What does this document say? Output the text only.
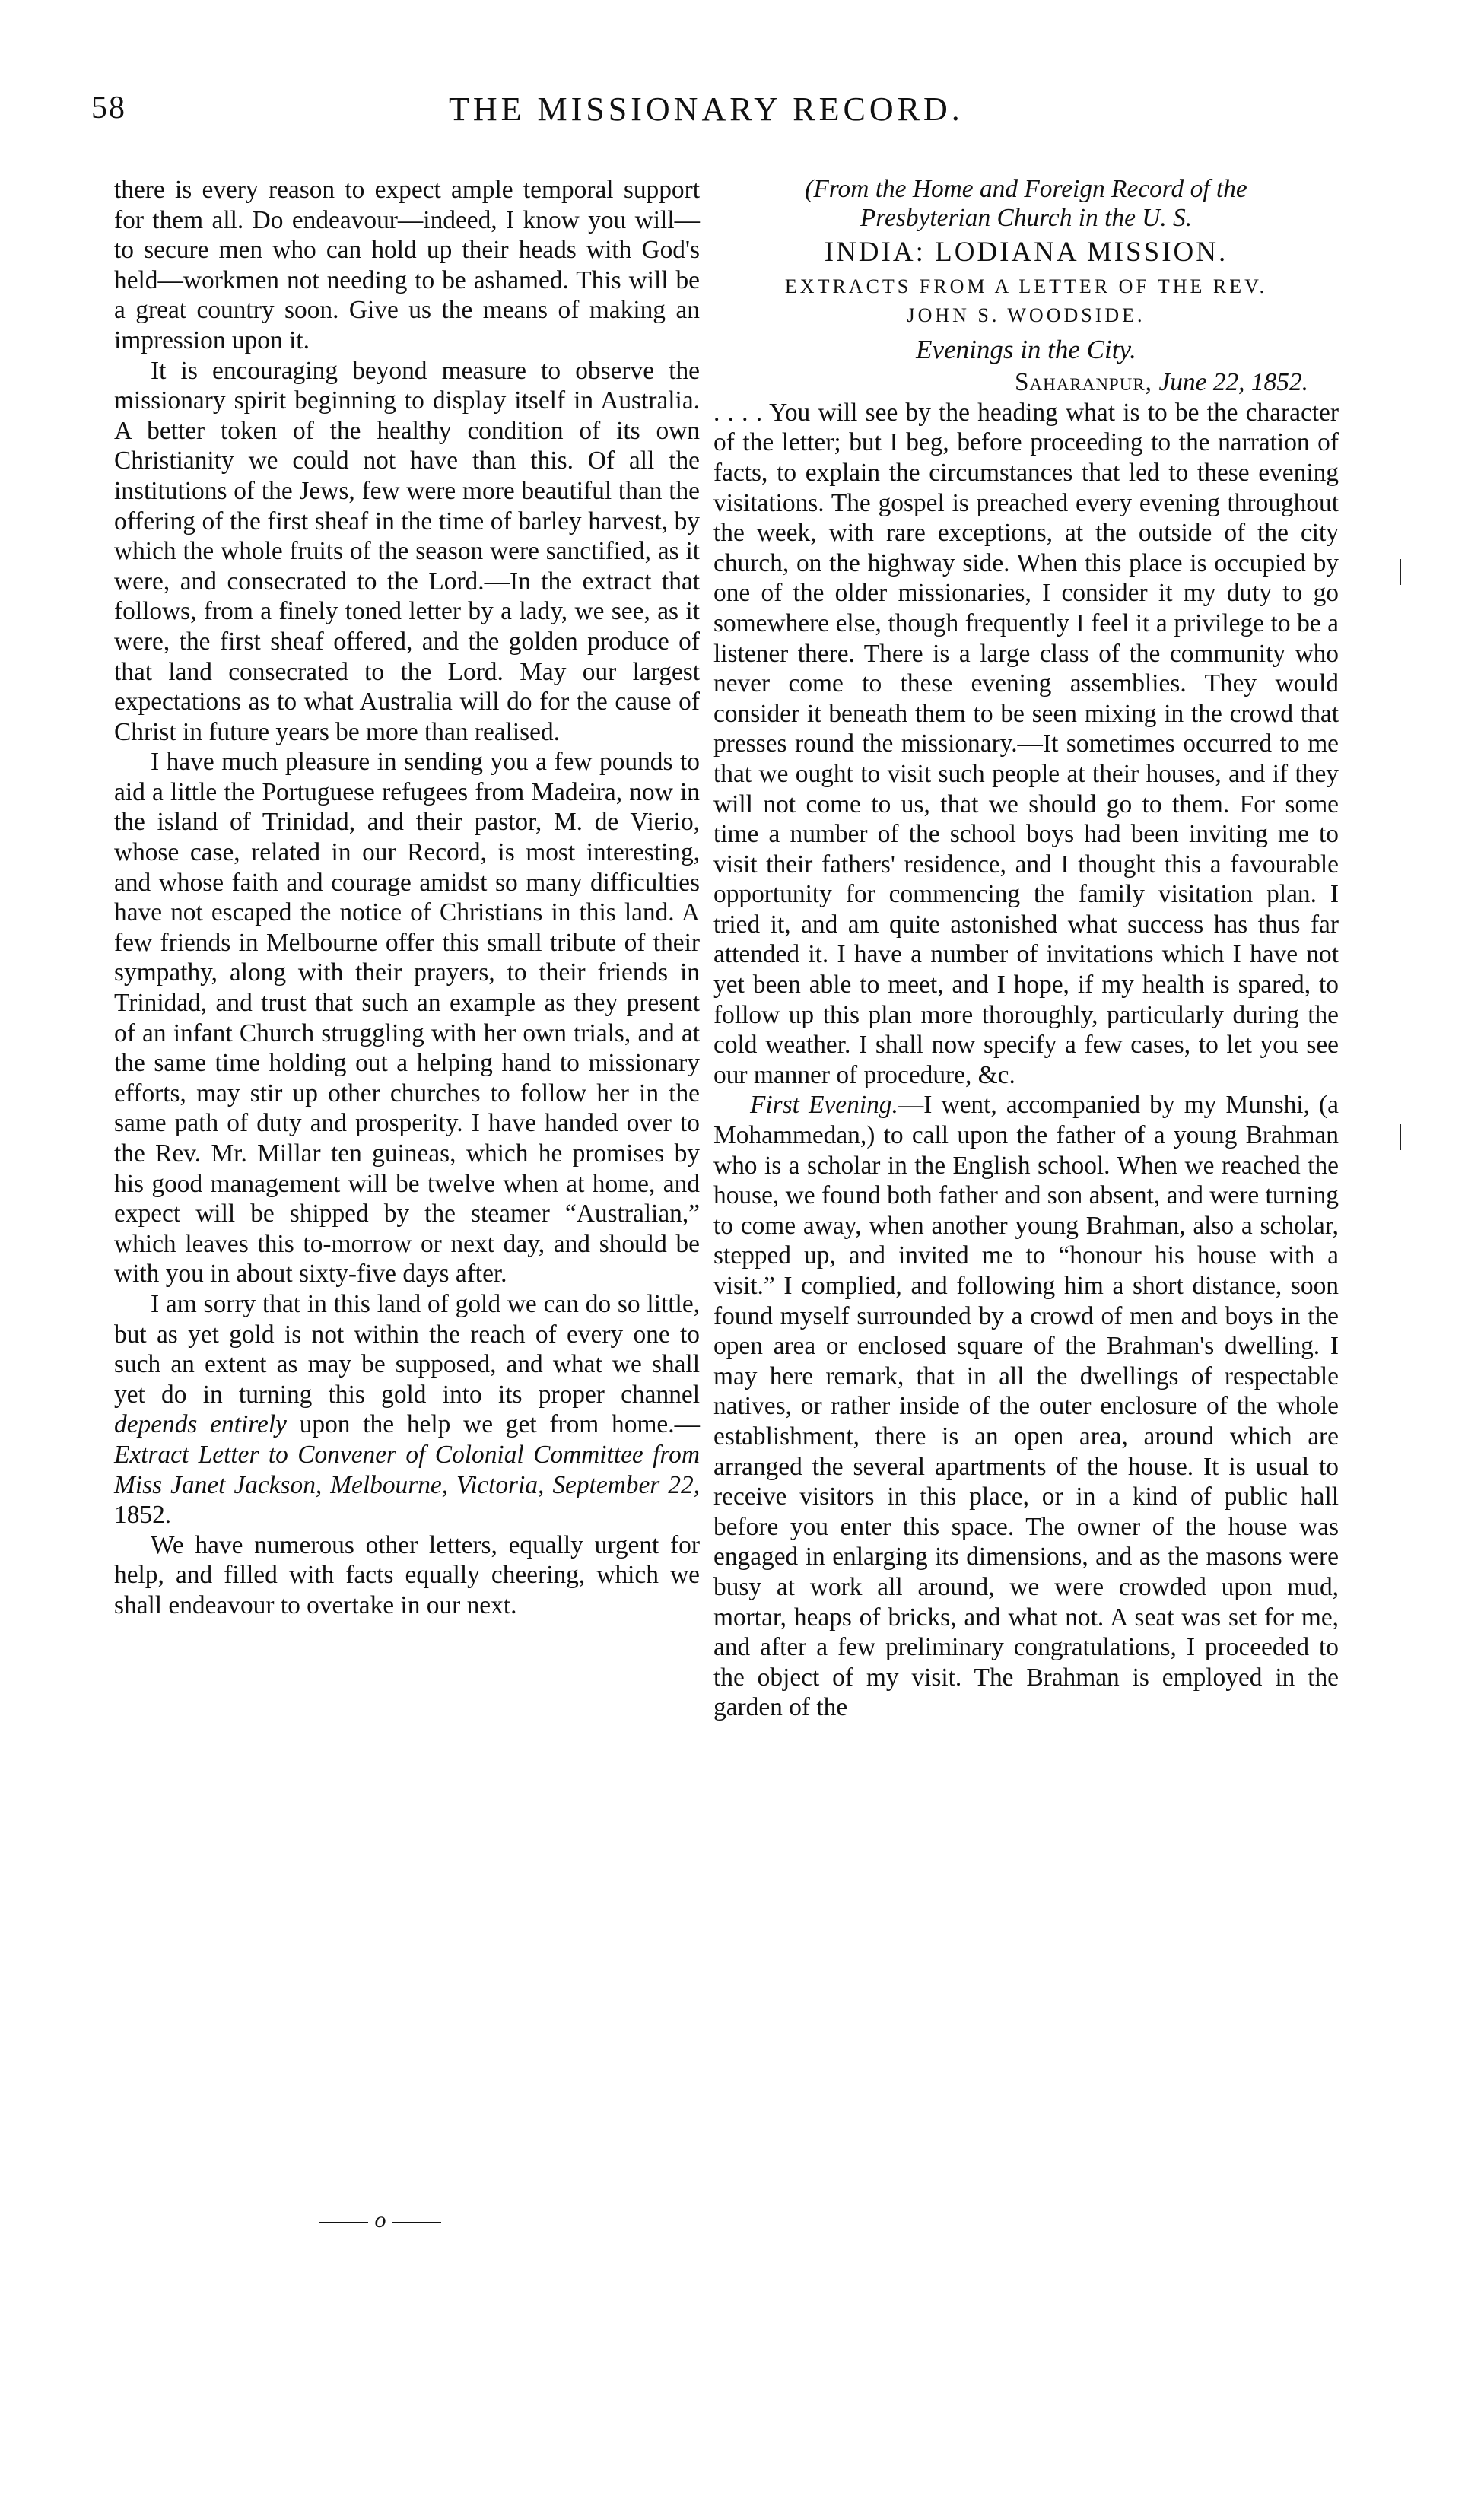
58	THE MISSIONARY RECORD.

there is every reason to expect ample temporal support for them all. Do endeavour—indeed, I know you will—to secure men who can hold up their heads with God's held—workmen not needing to be ashamed. This will be a great country soon. Give us the means of making an impression upon it.

It is encouraging beyond measure to observe the missionary spirit beginning to display itself in Australia. A better token of the healthy condition of its own Christianity we could not have than this. Of all the institutions of the Jews, few were more beautiful than the offering of the first sheaf in the time of barley harvest, by which the whole fruits of the season were sanctified, as it were, and consecrated to the Lord.—In the extract that follows, from a finely toned letter by a lady, we see, as it were, the first sheaf offered, and the golden produce of that land consecrated to the Lord. May our largest expectations as to what Australia will do for the cause of Christ in future years be more than realised.

I have much pleasure in sending you a few pounds to aid a little the Portuguese refugees from Madeira, now in the island of Trinidad, and their pastor, M. de Vierio, whose case, related in our Record, is most interesting, and whose faith and courage amidst so many difficulties have not escaped the notice of Christians in this land. A few friends in Melbourne offer this small tribute of their sympathy, along with their prayers, to their friends in Trinidad, and trust that such an example as they present of an infant Church struggling with her own trials, and at the same time holding out a helping hand to missionary efforts, may stir up other churches to follow her in the same path of duty and prosperity. I have handed over to the Rev. Mr. Millar ten guineas, which he promises by his good management will be twelve when at home, and expect will be shipped by the steamer “Australian,” which leaves this to-morrow or next day, and should be with you in about sixty-five days after.

I am sorry that in this land of gold we can do so little, but as yet gold is not within the reach of every one to such an extent as may be supposed, and what we shall yet do in turning this gold into its proper channel depends entirely upon the help we get from home.—Extract Letter to Convener of Colonial Committee from Miss Janet Jackson, Melbourne, Victoria, September 22, 1852.

We have numerous other letters, equally urgent for help, and filled with facts equally cheering, which we shall endeavour to overtake in our next.

o

(From the Home and Foreign Record of the

Presbyterian Church in the U. S.

INDIA: LODIANA MISSION.

EXTRACTS FROM A LETTER OF THE REV.

JOHN S. WOODSIDE.

Evenings in the City.

Saharanpur, June 22, 1852.

. . . . You will see by the heading what is to be the character of the letter; but I beg, before proceeding to the narration of facts, to explain the circumstances that led to these evening visitations. The gospel is preached every evening throughout the week, with rare exceptions, at the outside of the city church, on the highway side. When this place is occupied by one of the older missionaries, I consider it my duty to go somewhere else, though frequently I feel it a privilege to be a listener there. There is a large class of the community who never come to these evening assemblies. They would consider it beneath them to be seen mixing in the crowd that presses round the missionary.—It sometimes occurred to me that we ought to visit such people at their houses, and if they will not come to us, that we should go to them. For some time a number of the school boys had been inviting me to visit their fathers' residence, and I thought this a favourable opportunity for commencing the family visitation plan. I tried it, and am quite astonished what success has thus far attended it. I have a number of invitations which I have not yet been able to meet, and I hope, if my health is spared, to follow up this plan more thoroughly, particularly during the cold weather. I shall now specify a few cases, to let you see our manner of procedure, &c.

First Evening.—I went, accompanied by my Munshi, (a Mohammedan,) to call upon the father of a young Brahman who is a scholar in the English school. When we reached the house, we found both father and son absent, and were turning to come away, when another young Brahman, also a scholar, stepped up, and invited me to “honour his house with a visit.” I complied, and following him a short distance, soon found myself surrounded by a crowd of men and boys in the open area or enclosed square of the Brahman's dwelling. I may here remark, that in all the dwellings of respectable natives, or rather inside of the outer enclosure of the whole establishment, there is an open area, around which are arranged the several apartments of the house. It is usual to receive visitors in this place, or in a kind of public hall before you enter this space. The owner of the house was engaged in enlarging its dimensions, and as the masons were busy at work all around, we were crowded upon mud, mortar, heaps of bricks, and what not. A seat was set for me, and after a few preliminary congratulations, I proceeded to the object of my visit. The Brahman is employed in the garden of the
